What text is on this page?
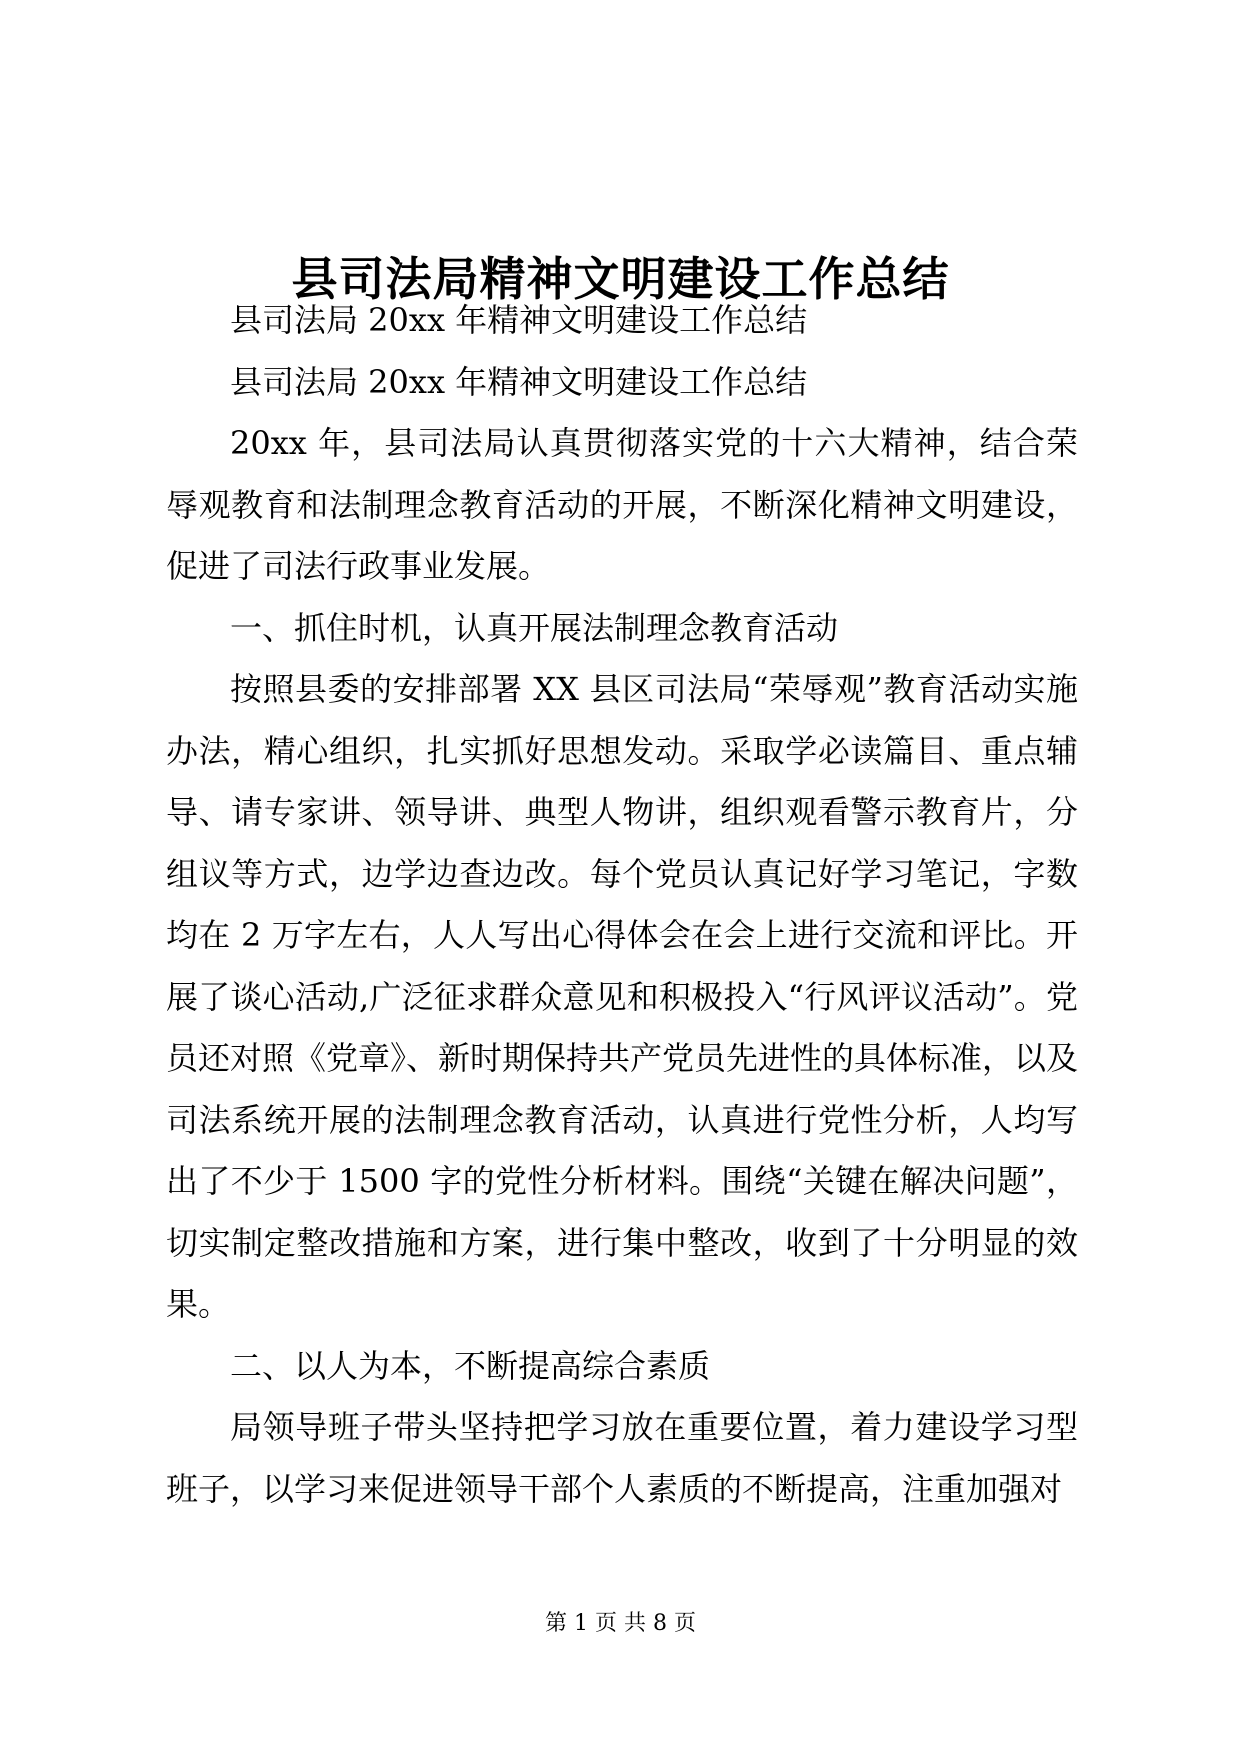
县司法局精神文明建设工作总结

县司法局 20xx 年精神文明建设工作总结

县司法局 20xx 年精神文明建设工作总结

20xx 年，县司法局认真贯彻落实党的十六大精神，结合荣辱观教育和法制理念教育活动的开展，不断深化精神文明建设，促进了司法行政事业发展。

一、抓住时机，认真开展法制理念教育活动

按照县委的安排部署 XX 县区司法局“荣辱观”教育活动实施办法，精心组织，扎实抓好思想发动。采取学必读篇目、重点辅导、请专家讲、领导讲、典型人物讲，组织观看警示教育片，分组议等方式，边学边查边改。每个党员认真记好学习笔记，字数均在 2 万字左右，人人写出心得体会在会上进行交流和评比。开展了谈心活动,广泛征求群众意见和积极投入“行风评议活动”。党员还对照《党章》、新时期保持共产党员先进性的具体标准，以及司法系统开展的法制理念教育活动，认真进行党性分析，人均写出了不少于 1500 字的党性分析材料。围绕“关键在解决问题”，切实制定整改措施和方案，进行集中整改，收到了十分明显的效果。

二、以人为本，不断提高综合素质

局领导班子带头坚持把学习放在重要位置，着力建设学习型班子，以学习来促进领导干部个人素质的不断提高，注重加强对

第 1 页 共 8 页
